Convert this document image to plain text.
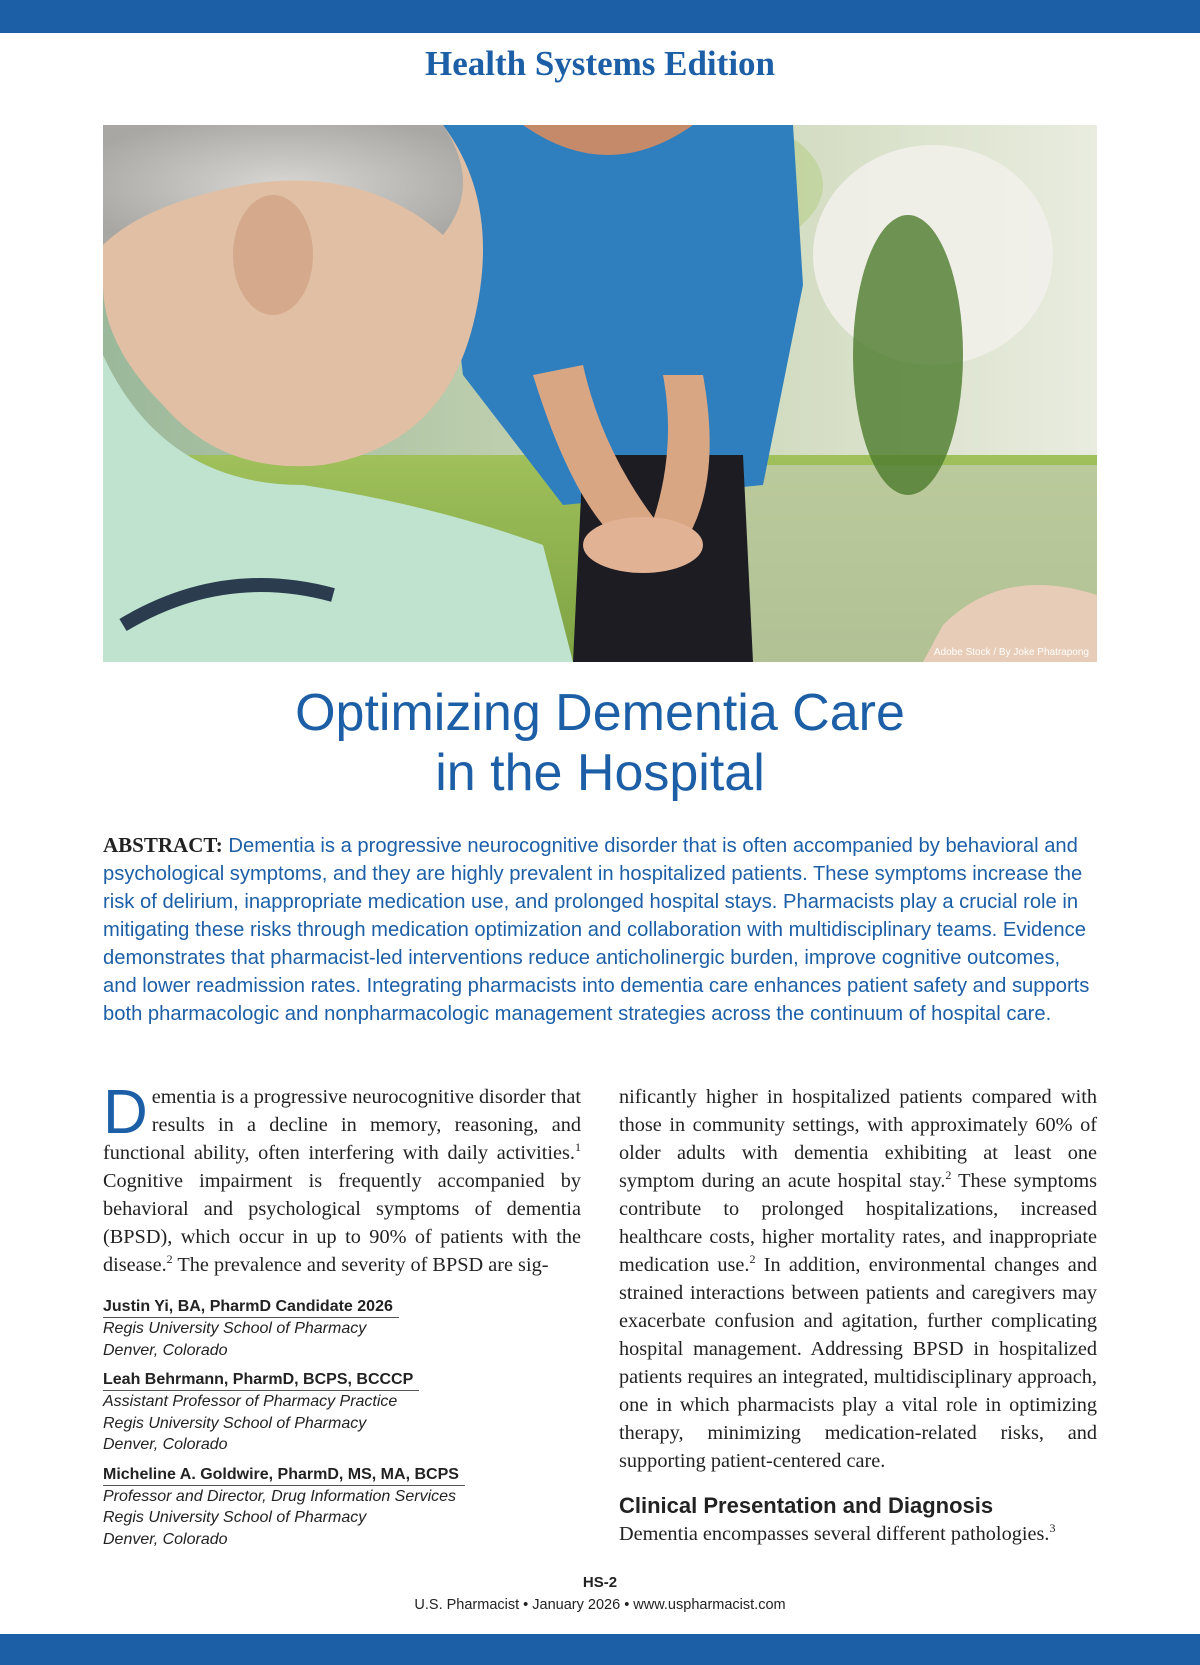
Health Systems Edition
Adobe Stock / By Joke Phatrapong
Optimizing Dementia Care
in the Hospital
ABSTRACT: Dementia is a progressive neurocognitive disorder that is often accompanied by behavioral and psychological symptoms, and they are highly prevalent in hospitalized patients. These symptoms increase the risk of delirium, inappropriate medication use, and prolonged hospital stays. Pharmacists play a crucial role in mitigating these risks through medication optimization and collaboration with multidisciplinary teams. Evidence demonstrates that pharmacist-led interventions reduce anticholinergic burden, improve cognitive outcomes, and lower readmission rates. Integrating pharmacists into dementia care enhances patient safety and supports both pharmacologic and nonpharmacologic management strategies across the continuum of hospital care.
Dementia is a progressive neurocognitive disorder that results in a decline in memory, reasoning, and functional ability, often interfering with daily activities.$^1$ Cognitive impairment is frequently accompanied by behavioral and psychological symptoms of dementia (BPSD), which occur in up to 90% of patients with the disease.$^2$ The prevalence and severity of BPSD are sig-
Justin Yi, BA, PharmD Candidate 2026
Regis University School of Pharmacy
Denver, Colorado
Leah Behrmann, PharmD, BCPS, BCCCP
Assistant Professor of Pharmacy Practice
Regis University School of Pharmacy
Denver, Colorado
Micheline A. Goldwire, PharmD, MS, MA, BCPS
Professor and Director, Drug Information Services
Regis University School of Pharmacy
Denver, Colorado

nificantly higher in hospitalized patients compared with those in community settings, with approximately 60% of older adults with dementia exhibiting at least one symptom during an acute hospital stay.$^2$ These symptoms contribute to prolonged hospitalizations, increased healthcare costs, higher mortality rates, and inappropriate medication use.$^2$ In addition, environmental changes and strained interactions between patients and caregivers may exacerbate confusion and agitation, further complicating hospital management. Addressing BPSD in hospitalized patients requires an integrated, multidisciplinary approach, one in which pharmacists play a vital role in optimizing therapy, minimizing medication-related risks, and supporting patient-centered care.

Clinical Presentation and Diagnosis

Dementia encompasses several different pathologies.$^3$

HS-2
U.S. Pharmacist • January 2026 • www.uspharmacist.com
